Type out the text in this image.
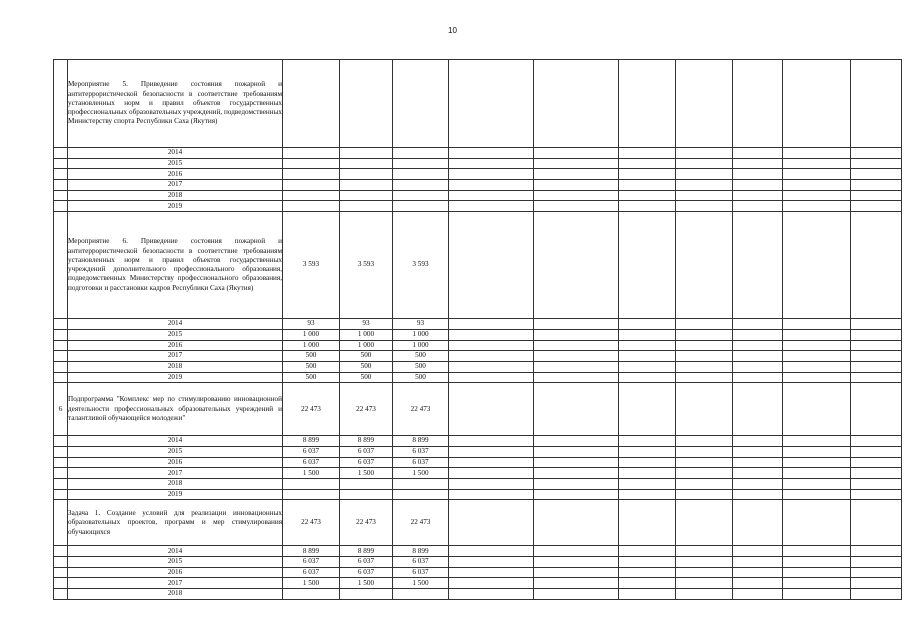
10
	Мероприятие 5. Приведение состояния пожарной и антитеррористической безопасности в соответствие требованиям установленных норм и правил объектов государственных профессиональных образовательных учреждений, подведомственных Министерству спорта Республики Саха (Якутия)										
	2014										
	2015										
	2016										
	2017										
	2018										
	2019										
	Мероприятие 6. Приведение состояния пожарной и антитеррористической безопасности в соответствие требованиям установленных норм и правил объектов государственных учреждений дополнительного профессионального образования, подведомственных Министерству профессионального образования, подготовки и расстановки кадров Республики Саха (Якутия)	3 593	3 593	3 593							
	2014	93	93	93							
	2015	1 000	1 000	1 000							
	2016	1 000	1 000	1 000							
	2017	500	500	500							
	2018	500	500	500							
	2019	500	500	500							
6	Подпрограмма "Комплекс мер по стимулированию инновационной деятельности профессиональных образовательных учреждений и талантливой обучающейся молодежи"	22 473	22 473	22 473							
	2014	8 899	8 899	8 899							
	2015	6 037	6 037	6 037							
	2016	6 037	6 037	6 037							
	2017	1 500	1 500	1 500							
	2018										
	2019										
	Задача 1. Создание условий для реализации инновационных образовательных проектов, программ и мер стимулирования обучающихся	22 473	22 473	22 473							
	2014	8 899	8 899	8 899							
	2015	6 037	6 037	6 037							
	2016	6 037	6 037	6 037							
	2017	1 500	1 500	1 500							
	2018										
